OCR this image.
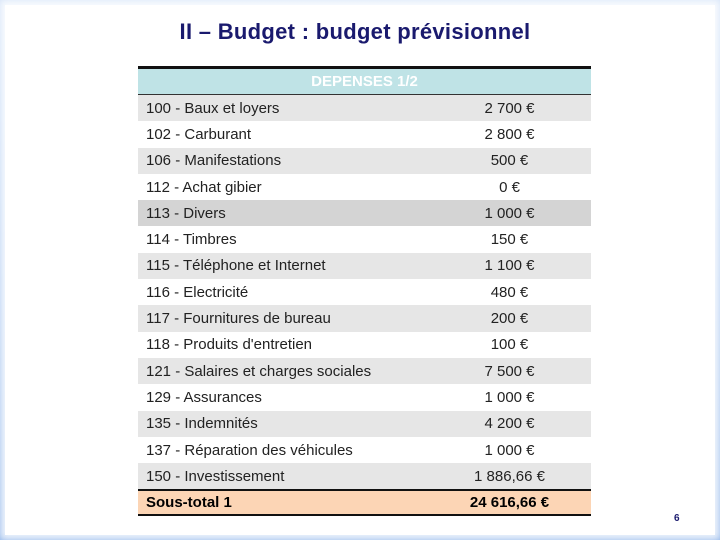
II – Budget : budget prévisionnel
DEPENSES 1/2
100 - Baux et loyers	2 700 €
102 - Carburant	2 800 €
106 - Manifestations	500 €
112 - Achat gibier	0 €
113 - Divers	1 000 €
114 - Timbres	150 €
115 - Téléphone et Internet	1 100 €
116 - Electricité	480 €
117 - Fournitures de bureau	200 €
118 - Produits d'entretien	100 €
121 - Salaires et charges sociales	7 500 €
129 - Assurances	1 000 €
135 - Indemnités	4 200 €
137 - Réparation des véhicules	1 000 €
150 - Investissement	1 886,66 €
Sous-total 1	24 616,66 €
6
